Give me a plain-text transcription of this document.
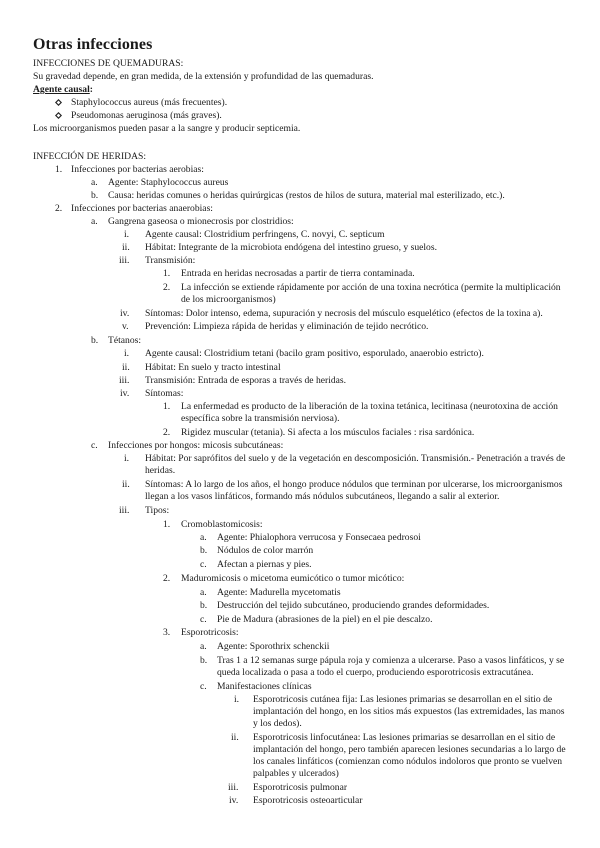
Otras infecciones
INFECCIONES DE QUEMADURAS:
Su gravedad depende, en gran medida, de la extensión y profundidad de las quemaduras.
Agente causal:
Staphylococcus aureus (más frecuentes).
Pseudomonas aeruginosa (más graves).
Los microorganismos pueden pasar a la sangre y producir septicemia.
INFECCIÓN DE HERIDAS:
1. Infecciones por bacterias aerobias:
a. Agente: Staphylococcus aureus
b. Causa: heridas comunes o heridas quirúrgicas (restos de hilos de sutura, material mal esterilizado, etc.).
2. Infecciones por bacterias anaerobias:
a. Gangrena gaseosa o mionecrosis por clostridios:
i. Agente causal: Clostridium perfringens, C. novyi, C. septicum
ii. Hábitat: Integrante de la microbiota endógena del intestino grueso, y suelos.
iii. Transmisión:
1. Entrada en heridas necrosadas a partir de tierra contaminada.
2. La infección se extiende rápidamente por acción de una toxina necrótica (permite la multiplicación
de los microorganismos)
iv. Síntomas: Dolor intenso, edema, supuración y necrosis del músculo esquelético (efectos de la toxina a).
v. Prevención: Limpieza rápida de heridas y eliminación de tejido necrótico.
b. Tétanos:
i. Agente causal: Clostridium tetani (bacilo gram positivo, esporulado, anaerobio estricto).
ii. Hábitat: En suelo y tracto intestinal
iii. Transmisión: Entrada de esporas a través de heridas.
iv. Síntomas:
1. La enfermedad es producto de la liberación de la toxina tetánica, lecitinasa (neurotoxina de acción
específica sobre la transmisión nerviosa).
2. Rigidez muscular (tetania). Si afecta a los músculos faciales : risa sardónica.
c. Infecciones por hongos: micosis subcutáneas:
i. Hábitat: Por saprófitos del suelo y de la vegetación en descomposición. Transmisión.- Penetración a través de
heridas.
ii. Síntomas: A lo largo de los años, el hongo produce nódulos que terminan por ulcerarse, los microorganismos
llegan a los vasos linfáticos, formando más nódulos subcutáneos, llegando a salir al exterior.
iii. Tipos:
1. Cromoblastomicosis:
a. Agente: Phialophora verrucosa y Fonsecaea pedrosoi
b. Nódulos de color marrón
c. Afectan a piernas y pies.
2. Maduromicosis o micetoma eumicótico o tumor micótico:
a. Agente: Madurella mycetomatis
b. Destrucción del tejido subcutáneo, produciendo grandes deformidades.
c. Pie de Madura (abrasiones de la piel) en el pie descalzo.
3. Esporotricosis:
a. Agente: Sporothrix schenckii
b. Tras 1 a 12 semanas surge pápula roja y comienza a ulcerarse. Paso a vasos linfáticos, y se
queda localizada o pasa a todo el cuerpo, produciendo esporotricosis extracutánea.
c. Manifestaciones clínicas
i. Esporotricosis cutánea fija: Las lesiones primarias se desarrollan en el sitio de
implantación del hongo, en los sitios más expuestos (las extremidades, las manos
y los dedos).
ii. Esporotricosis linfocutánea: Las lesiones primarias se desarrollan en el sitio de
implantación del hongo, pero también aparecen lesiones secundarias a lo largo de
los canales linfáticos (comienzan como nódulos indoloros que pronto se vuelven
palpables y ulcerados)
iii. Esporotricosis pulmonar
iv. Esporotricosis osteoarticular
